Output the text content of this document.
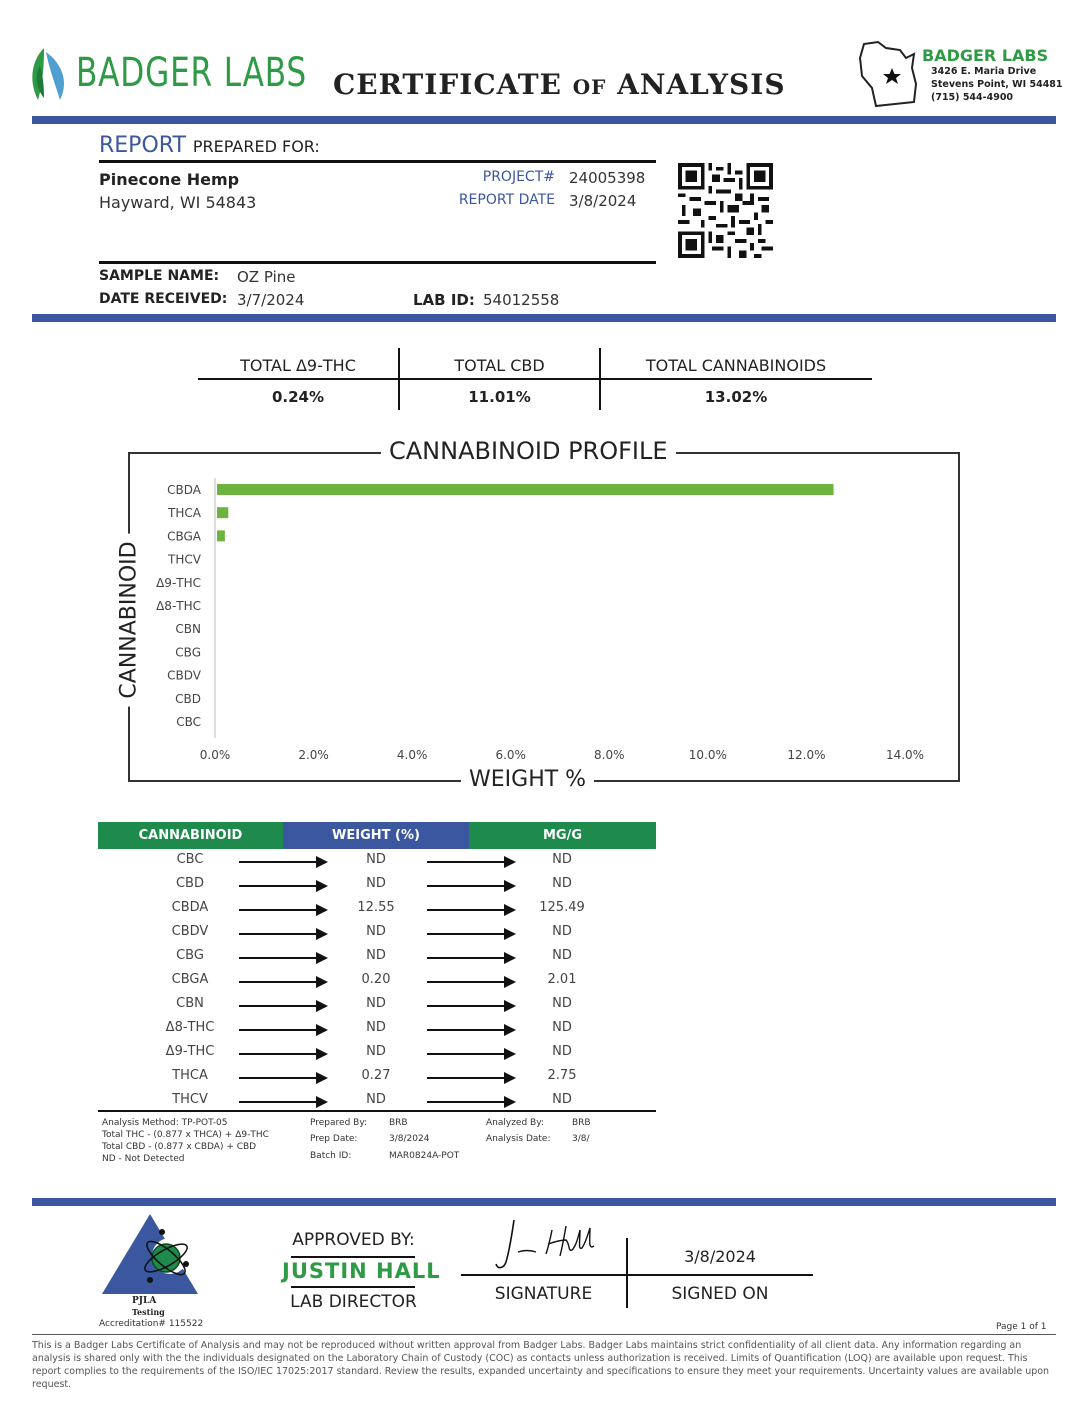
BADGER LABS CERTIFICATE OF ANALYSIS
BADGER LABS
3426 E. Maria Drive
Stevens Point, WI 54481
(715) 544-4900
REPORT PREPARED FOR:
Pinecone Hemp
Hayward, WI 54843
PROJECT# 24005398
REPORT DATE 3/8/2024
SAMPLE NAME: OZ Pine
DATE RECEIVED: 3/7/2024	LAB ID: 54012558
TOTAL Δ9-THC
0.24%
TOTAL CBD
11.01%
TOTAL CANNABINOIDS
13.02%
CANNABINOID PROFILE
WEIGHT %
CANNABINOID
CBDA
THCA
CBGA
THCV
Δ9-THC
Δ8-THC
CBN
CBG
CBDV
CBD
CBC
0.0%	2.0%	4.0%	6.0%	8.0%	10.0%	12.0%	14.0%
CANNABINOID	WEIGHT (%)	MG/G
CBC	ND	ND
CBD	ND	ND
CBDA	12.55	125.49
CBDV	ND	ND
CBG	ND	ND
CBGA	0.20	2.01
CBN	ND	ND
Δ8-THC	ND	ND
Δ9-THC	ND	ND
THCA	0.27	2.75
THCV	ND	ND
Analysis Method: TP-POT-05
Total THC - (0.877 x THCA) + Δ9-THC
Total CBD - (0.877 x CBDA) + CBD
ND - Not Detected
Prepared By: BRB
Prep Date:	3/8/2024
Batch ID:	MAR0824A-POT
Analyzed By:	BRB
Analysis Date: 3/8/
PJLA
Testing
Accreditation# 115522
APPROVED BY:
JUSTIN HALL
LAB DIRECTOR	SIGNATURE
3/8/2024
SIGNED ON
Page 1 of 1
This is a Badger Labs Certificate of Analysis and may not be reproduced without written approval from Badger Labs. Badger Labs maintains strict confidentiality of all client data. Any information regarding an analysis is shared only with the the individuals designated on the Laboratory Chain of Custody (COC) as contacts unless authorization is received. Limits of Quantification (LOQ) are available upon request. This report complies to the requirements of the ISO/IEC 17025:2017 standard. Review the results, expanded uncertainty and specifications to ensure they meet your requirements. Uncertainty values are available upon request.
